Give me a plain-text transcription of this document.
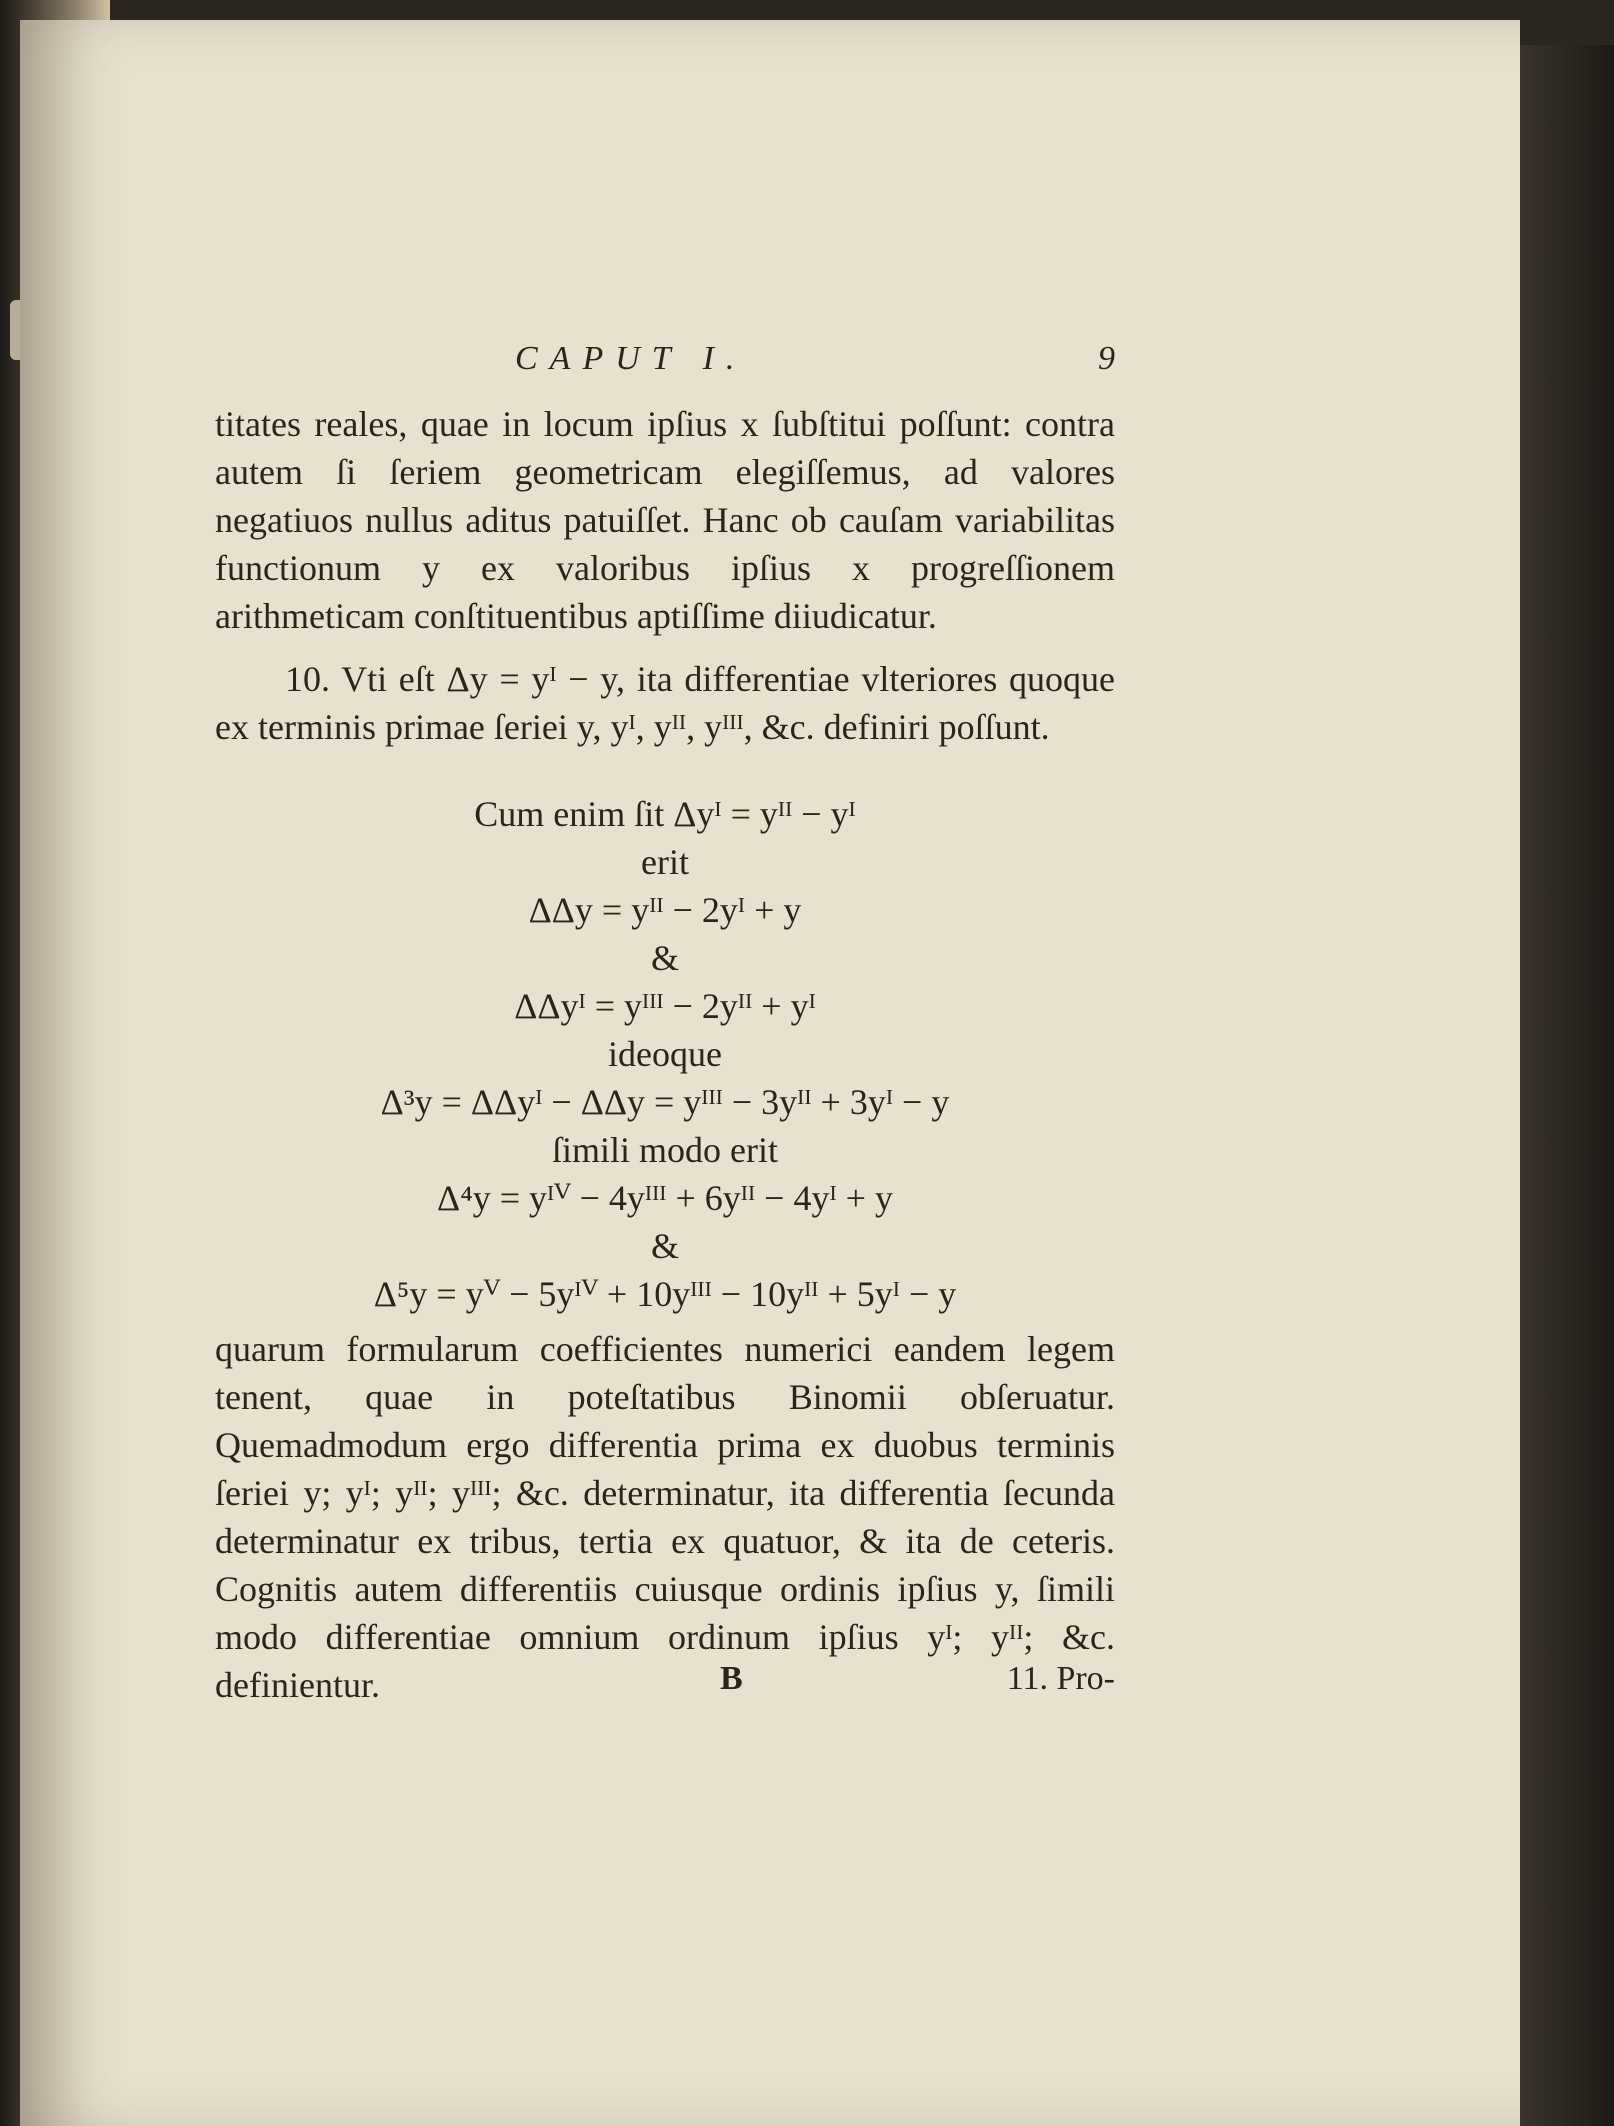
CAPUT I.	9
titates reales, quae in locum ipſius x ſubſtitui poſſunt: contra autem ſi ſeriem geometricam elegiſſemus, ad valores negatiuos nullus aditus patuiſſet. Hanc ob cauſam variabilitas functionum y ex valoribus ipſius x progreſſionem arithmeticam conſtituentibus aptiſſime diiudicatur.
10. Vti eſt Δy = yᴵ − y, ita differentiae vlteriores quoque ex terminis primae ſeriei y, yᴵ, yᴵᴵ, yᴵᴵᴵ, &c. definiri poſſunt.
Cum enim ſit Δyᴵ = yᴵᴵ − yᴵ
erit
ΔΔy = yᴵᴵ − 2yᴵ + y
&
ΔΔyᴵ = yᴵᴵᴵ − 2yᴵᴵ + yᴵ
ideoque
Δ³y = ΔΔyᴵ − ΔΔy = yᴵᴵᴵ − 3yᴵᴵ + 3yᴵ − y
ſimili modo erit
Δ⁴y = yᴵⱽ − 4yᴵᴵᴵ + 6yᴵᴵ − 4yᴵ + y
&
Δ⁵y = yⱽ − 5yᴵⱽ + 10yᴵᴵᴵ − 10yᴵᴵ + 5yᴵ − y
quarum formularum coefficientes numerici eandem legem tenent, quae in poteſtatibus Binomii obſeruatur. Quemadmodum ergo differentia prima ex duobus terminis ſeriei y; yᴵ; yᴵᴵ; yᴵᴵᴵ; &c. determinatur, ita differentia ſecunda determinatur ex tribus, tertia ex quatuor, & ita de ceteris. Cognitis autem differentiis cuiusque ordinis ipſius y, ſimili modo differentiae omnium ordinum ipſius yᴵ; yᴵᴵ; &c. definientur.	B	11. Pro-
